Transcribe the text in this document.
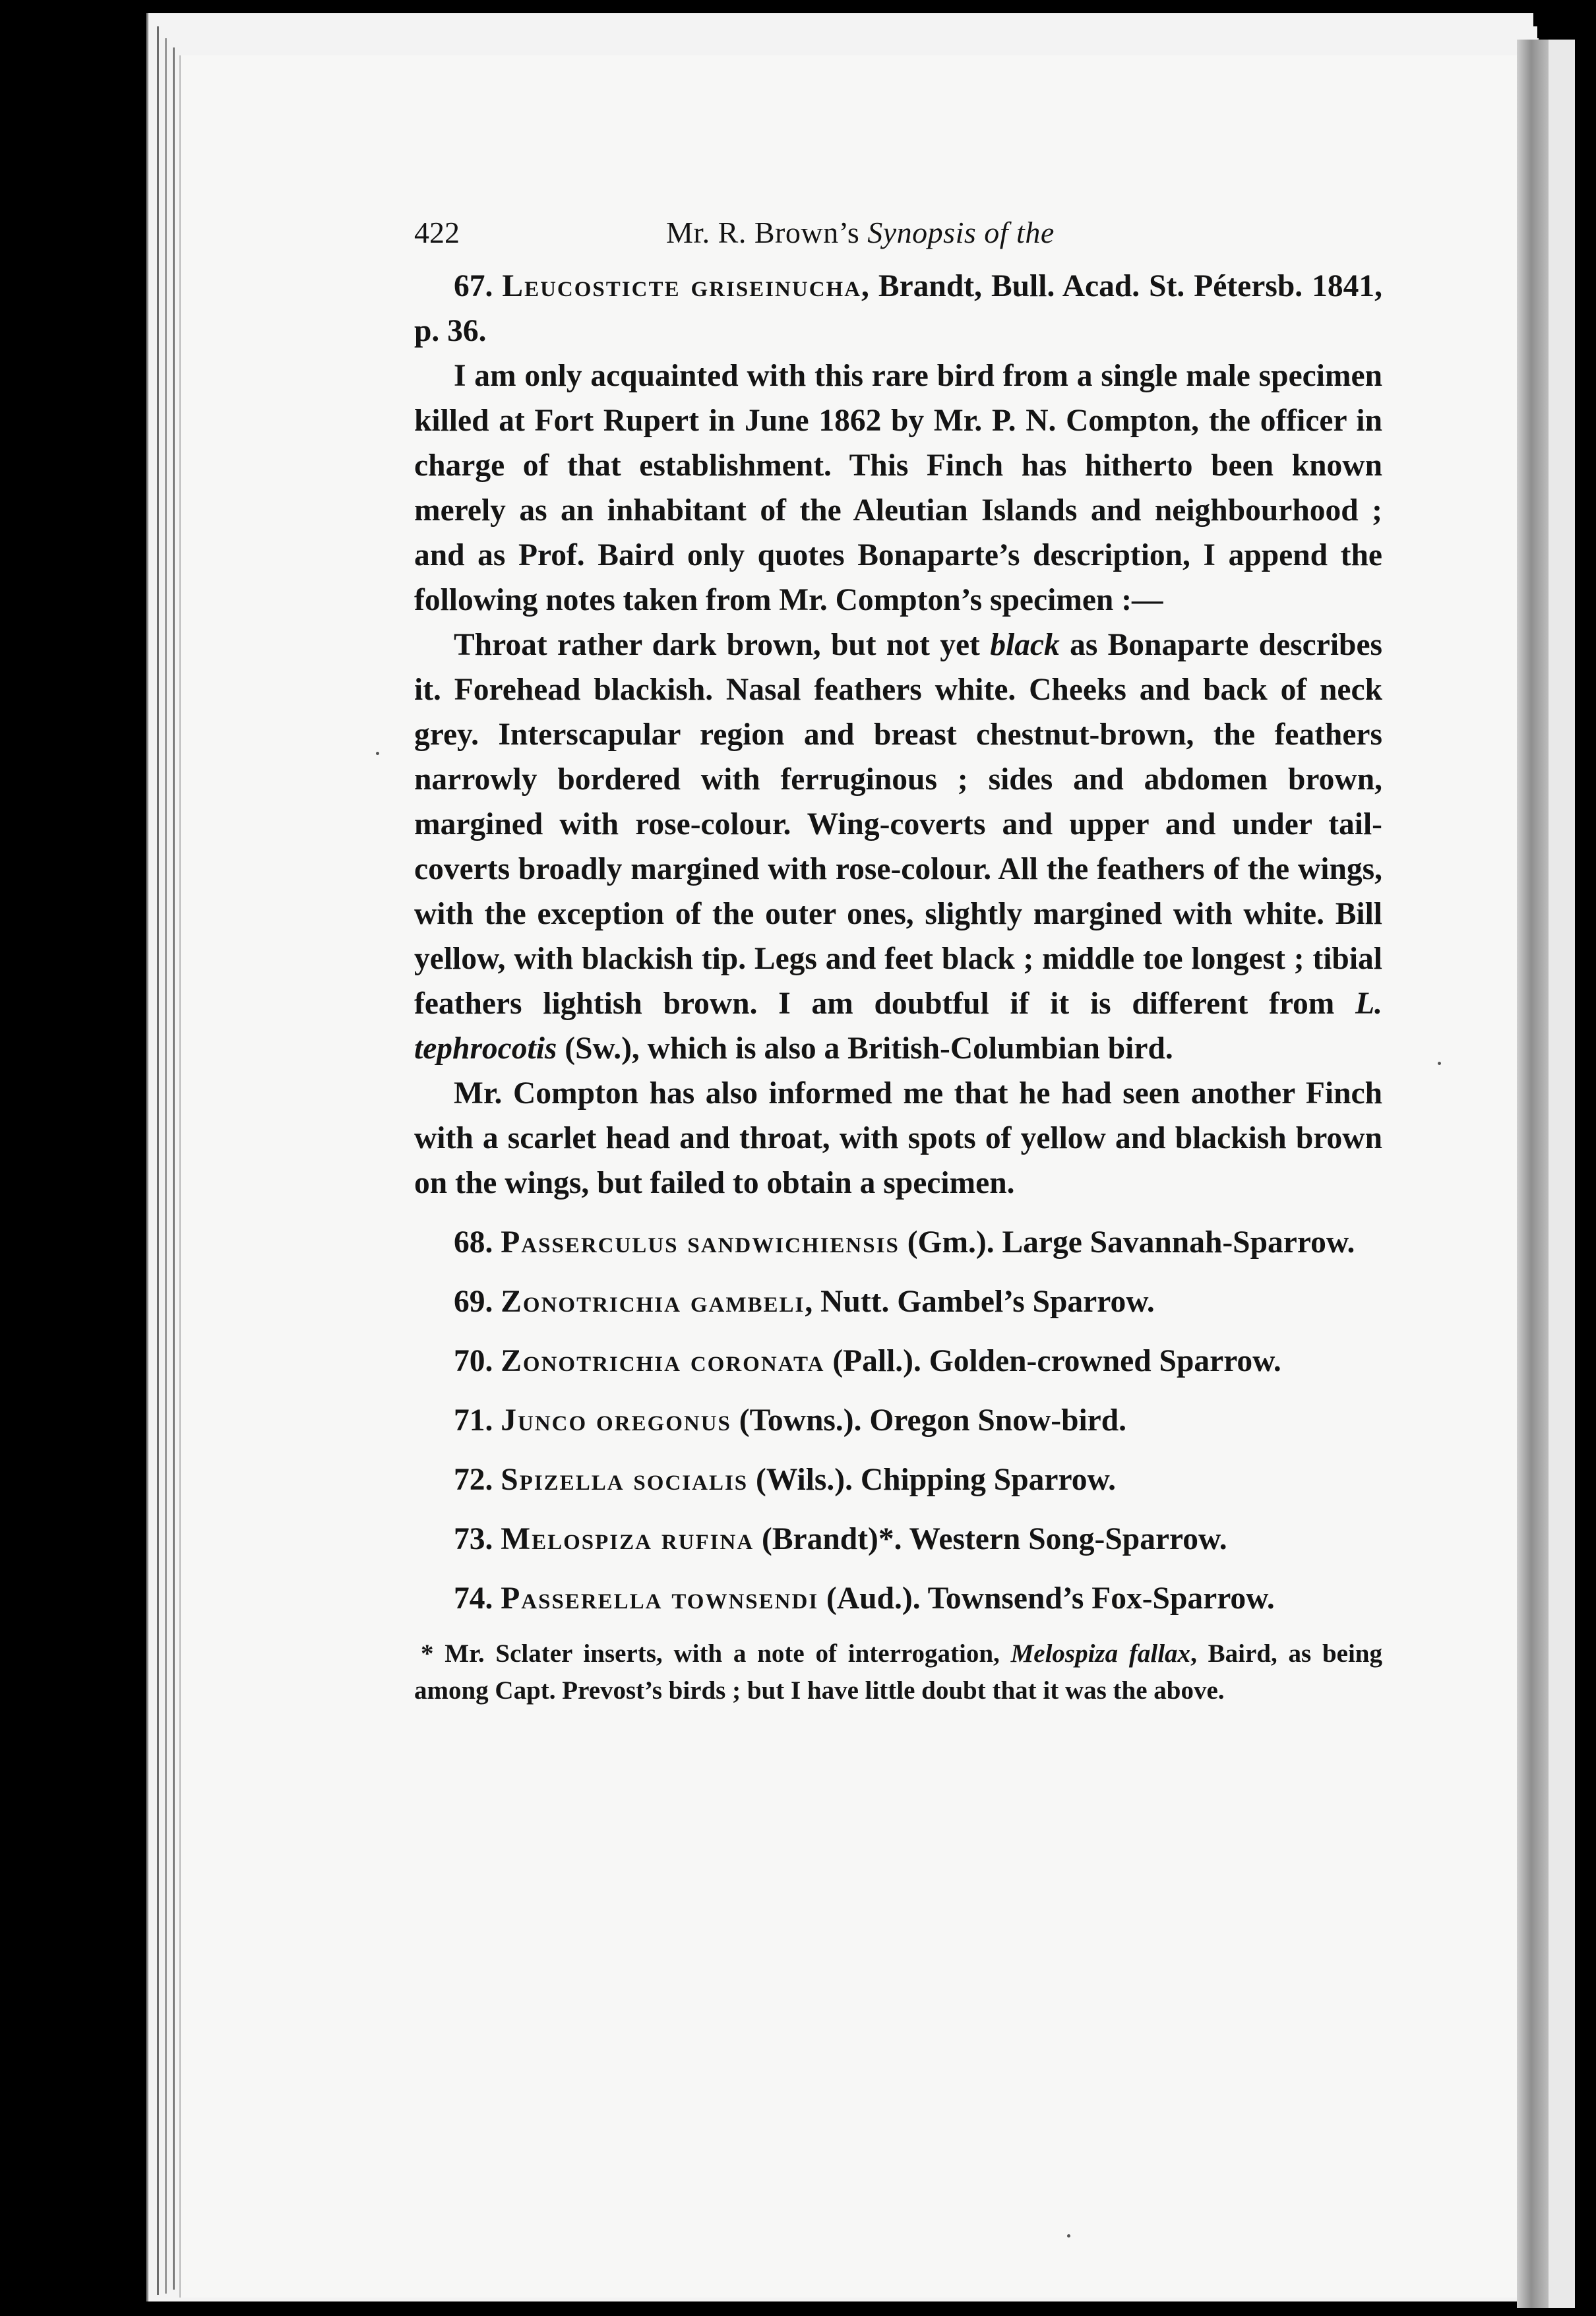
422	Mr. R. Brown’s Synopsis of the

67. Leucosticte griseinucha, Brandt, Bull. Acad. St. Pétersb. 1841, p. 36.

I am only acquainted with this rare bird from a single male specimen killed at Fort Rupert in June 1862 by Mr. P. N. Compton, the officer in charge of that establishment. This Finch has hitherto been known merely as an inhabitant of the Aleutian Islands and neighbourhood ; and as Prof. Baird only quotes Bonaparte’s description, I append the following notes taken from Mr. Compton’s specimen :—

Throat rather dark brown, but not yet black as Bonaparte describes it. Forehead blackish. Nasal feathers white. Cheeks and back of neck grey. Interscapular region and breast chestnut-brown, the feathers narrowly bordered with ferruginous ; sides and abdomen brown, margined with rose-colour. Wing-coverts and upper and under tail-coverts broadly margined with rose-colour. All the feathers of the wings, with the exception of the outer ones, slightly margined with white. Bill yellow, with blackish tip. Legs and feet black ; middle toe longest ; tibial feathers lightish brown. I am doubtful if it is different from L. tephrocotis (Sw.), which is also a British-Columbian bird.

Mr. Compton has also informed me that he had seen another Finch with a scarlet head and throat, with spots of yellow and blackish brown on the wings, but failed to obtain a specimen.

68. Passerculus sandwichiensis (Gm.). Large Savannah-Sparrow.

69. Zonotrichia gambeli, Nutt. Gambel’s Sparrow.

70. Zonotrichia coronata (Pall.). Golden-crowned Sparrow.

71. Junco oregonus (Towns.). Oregon Snow-bird.

72. Spizella socialis (Wils.). Chipping Sparrow.

73. Melospiza rufina (Brandt)*. Western Song-Sparrow.

74. Passerella townsendi (Aud.). Townsend’s Fox-Sparrow.

* Mr. Sclater inserts, with a note of interrogation, Melospiza fallax, Baird, as being among Capt. Prevost’s birds ; but I have little doubt that it was the above.
